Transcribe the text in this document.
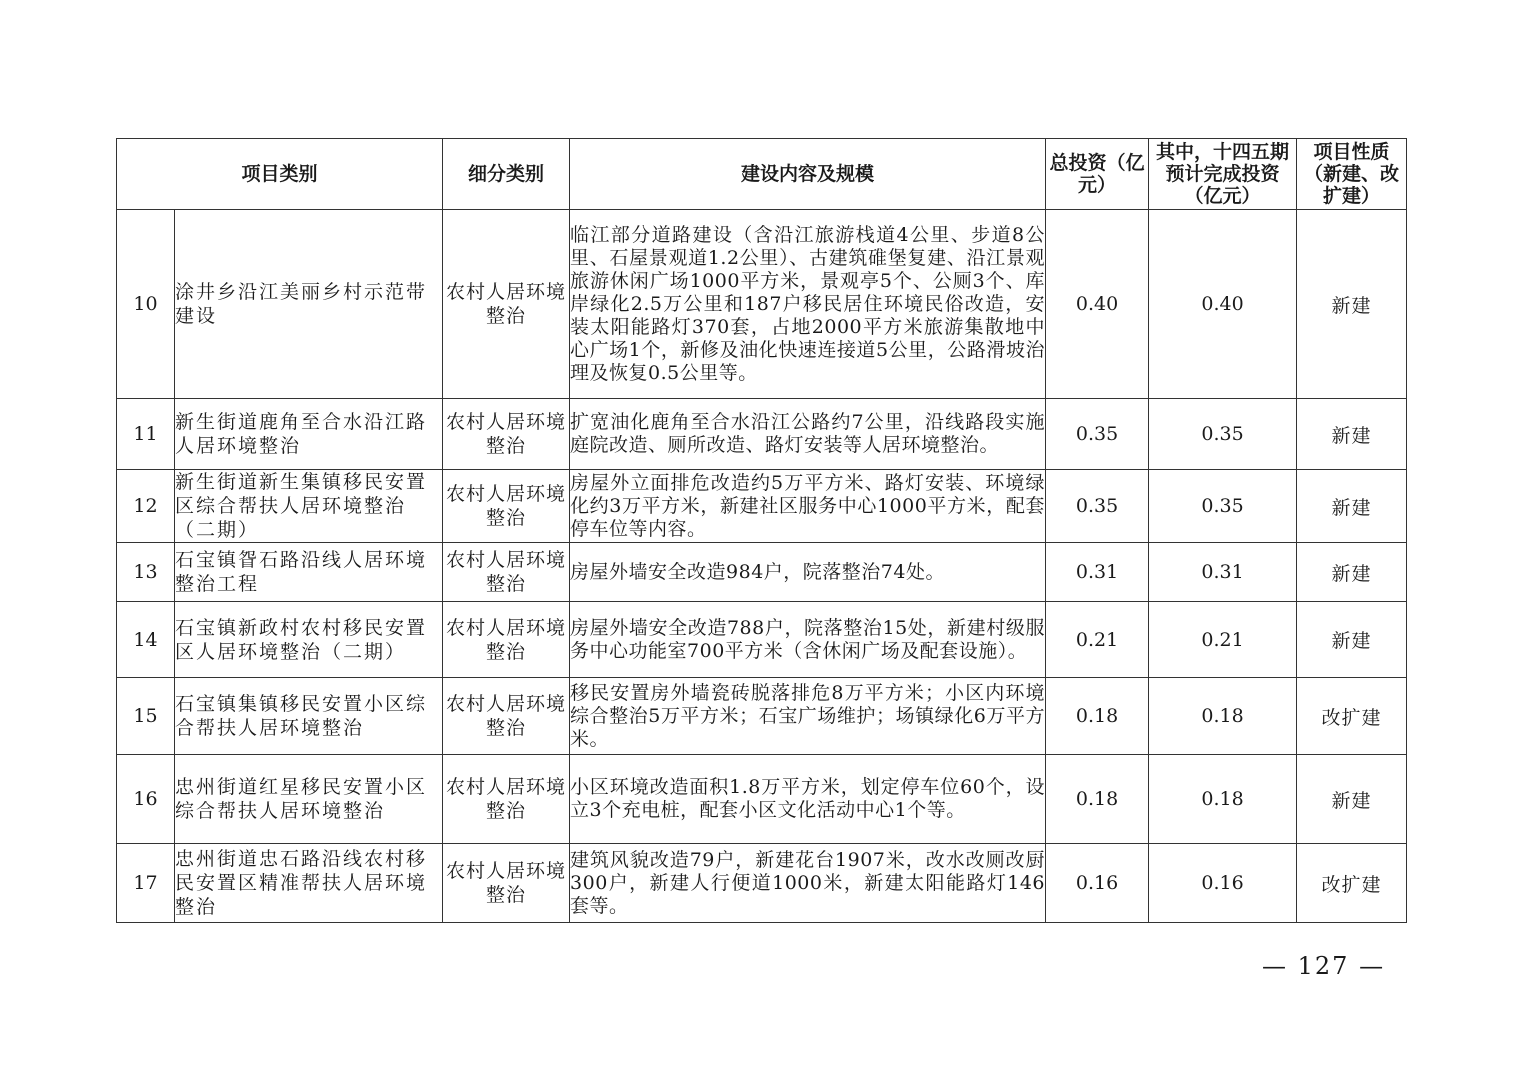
项目类别		细分类别	建设内容及规模	总投资（亿元）	其中，十四五期预计完成投资（亿元）	项目性质（新建、改扩建）
10	涂井乡沿江美丽乡村示范带建设	农村人居环境整治	临江部分道路建设（含沿江旅游栈道4公里、步道8公里、石屋景观道1.2公里）、古建筑碓堡复建、沿江景观旅游休闲广场1000平方米，景观亭5个、公厕3个、库岸绿化2.5万公里和187户移民居住环境民俗改造，安装太阳能路灯370套，占地2000平方米旅游集散地中心广场1个，新修及油化快速连接道5公里，公路滑坡治理及恢复0.5公里等。	0.40	0.40	新建
11	新生街道鹿角至合水沿江路人居环境整治	农村人居环境整治	扩宽油化鹿角至合水沿江公路约7公里，沿线路段实施庭院改造、厕所改造、路灯安装等人居环境整治。	0.35	0.35	新建
12	新生街道新生集镇移民安置区综合帮扶人居环境整治（二期）	农村人居环境整治	房屋外立面排危改造约5万平方米、路灯安装、环境绿化约3万平方米，新建社区服务中心1000平方米，配套停车位等内容。	0.35	0.35	新建
13	石宝镇眢石路沿线人居环境整治工程	农村人居环境整治	房屋外墙安全改造984户，院落整治74处。	0.31	0.31	新建
14	石宝镇新政村农村移民安置区人居环境整治（二期）	农村人居环境整治	房屋外墙安全改造788户，院落整治15处，新建村级服务中心功能室700平方米（含休闲广场及配套设施）。	0.21	0.21	新建
15	石宝镇集镇移民安置小区综合帮扶人居环境整治	农村人居环境整治	移民安置房外墙瓷砖脱落排危8万平方米；小区内环境综合整治5万平方米；石宝广场维护；场镇绿化6万平方米。	0.18	0.18	改扩建
16	忠州街道红星移民安置小区综合帮扶人居环境整治	农村人居环境整治	小区环境改造面积1.8万平方米，划定停车位60个，设立3个充电桩，配套小区文化活动中心1个等。	0.18	0.18	新建
17	忠州街道忠石路沿线农村移民安置区精准帮扶人居环境整治	农村人居环境整治	建筑风貌改造79户，新建花台1907米，改水改厕改厨300户，新建人行便道1000米，新建太阳能路灯146套等。	0.16	0.16	改扩建
— 127 —
